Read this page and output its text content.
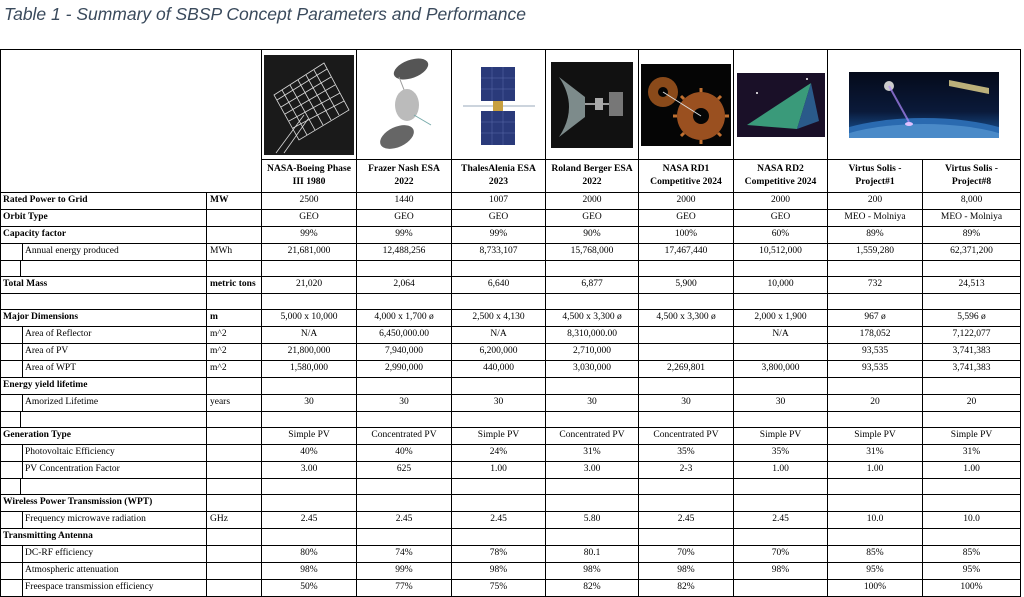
Table 1 - Summary of SBSP Concept Parameters and Performance

		NASA-Boeing Phase III 1980	Frazer Nash ESA 2022	ThalesAlenia ESA 2023	Roland Berger ESA 2022	NASA RD1 Competitive 2024	NASA RD2 Competitive 2024	Virtus Solis - Project#1	Virtus Solis - Project#8
Rated Power to Grid	MW	2500	1440	1007	2000	2000	2000	200	8,000
Orbit Type		GEO	GEO	GEO	GEO	GEO	GEO	MEO - Molniya	MEO - Molniya
Capacity factor		99%	99%	99%	90%	100%	60%	89%	89%
Annual energy produced	MWh	21,681,000	12,488,256	8,733,107	15,768,000	17,467,440	10,512,000	1,559,280	62,371,200

Total Mass	metric tons	21,020	2,064	6,640	6,877	5,900	10,000	732	24,513

Major Dimensions	m	5,000 x 10,000	4,000 x 1,700 ø	2,500 x 4,130	4,500 x 3,300 ø	4,500 x 3,300 ø	2,000 x 1,900	967 ø	5,596 ø
Area of Reflector	m^2	N/A	6,450,000.00	N/A	8,310,000.00		N/A	178,052	7,122,077
Area of PV	m^2	21,800,000	7,940,000	6,200,000	2,710,000			93,535	3,741,383
Area of WPT	m^2	1,580,000	2,990,000	440,000	3,030,000	2,269,801	3,800,000	93,535	3,741,383
Energy yield lifetime									
Amorized Lifetime	years	30	30	30	30	30	30	20	20

Generation Type		Simple PV	Concentrated PV	Simple PV	Concentrated PV	Concentrated PV	Simple PV	Simple PV	Simple PV
Photovoltaic Efficiency		40%	40%	24%	31%	35%	35%	31%	31%
PV Concentration Factor		3.00	625	1.00	3.00	2-3	1.00	1.00	1.00

Wireless Power Transmission (WPT)									
Frequency microwave radiation	GHz	2.45	2.45	2.45	5.80	2.45	2.45	10.0	10.0
Transmitting Antenna									
DC-RF efficiency		80%	74%	78%	80.1	70%	70%	85%	85%
Atmospheric attenuation		98%	99%	98%	98%	98%	98%	95%	95%
Freespace transmission efficiency		50%	77%	75%	82%	82%		100%	100%
